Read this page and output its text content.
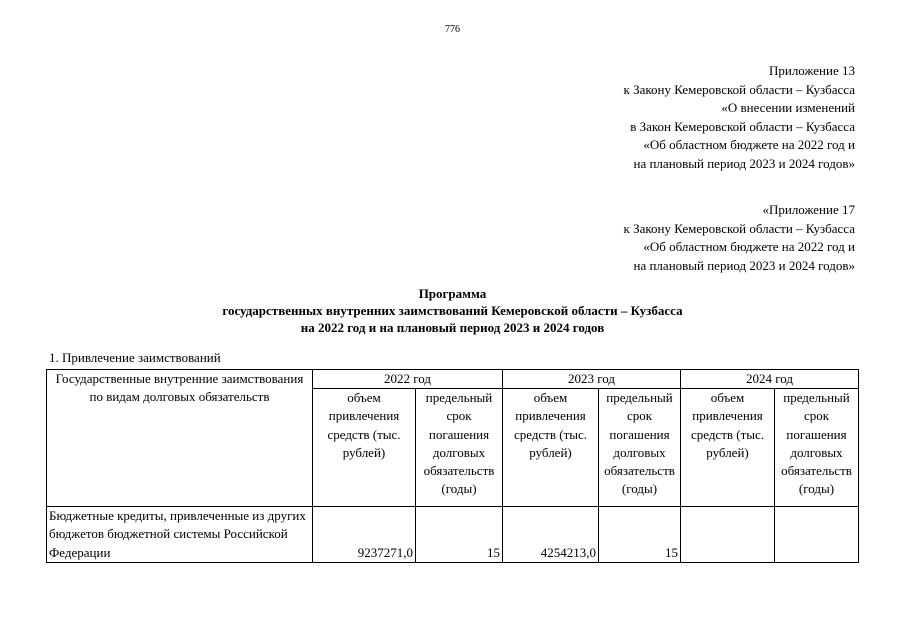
776
Приложение 13
к Закону Кемеровской области – Кузбасса
«О внесении изменений
в Закон Кемеровской области – Кузбасса
«Об областном бюджете на 2022 год и
на плановый период 2023 и 2024 годов»
«Приложение 17
к Закону Кемеровской области – Кузбасса
«Об областном бюджете на 2022 год и
на плановый период 2023 и 2024 годов»
Программа
государственных внутренних заимствований Кемеровской области – Кузбасса
на 2022 год и на плановый период 2023 и 2024 годов
1. Привлечение заимствований
Государственные внутренние заимствования по видам долговых обязательств	2022 год		2023 год		2024 год	
	объем привлечения средств (тыс. рублей)	предельный срок погашения долговых обязательств (годы)	объем привлечения средств (тыс. рублей)	предельный срок погашения долговых обязательств (годы)	объем привлечения средств (тыс. рублей)	предельный срок погашения долговых обязательств (годы)
Бюджетные кредиты, привлеченные из других бюджетов бюджетной системы Российской Федерации	9237271,0	15	4254213,0	15		
